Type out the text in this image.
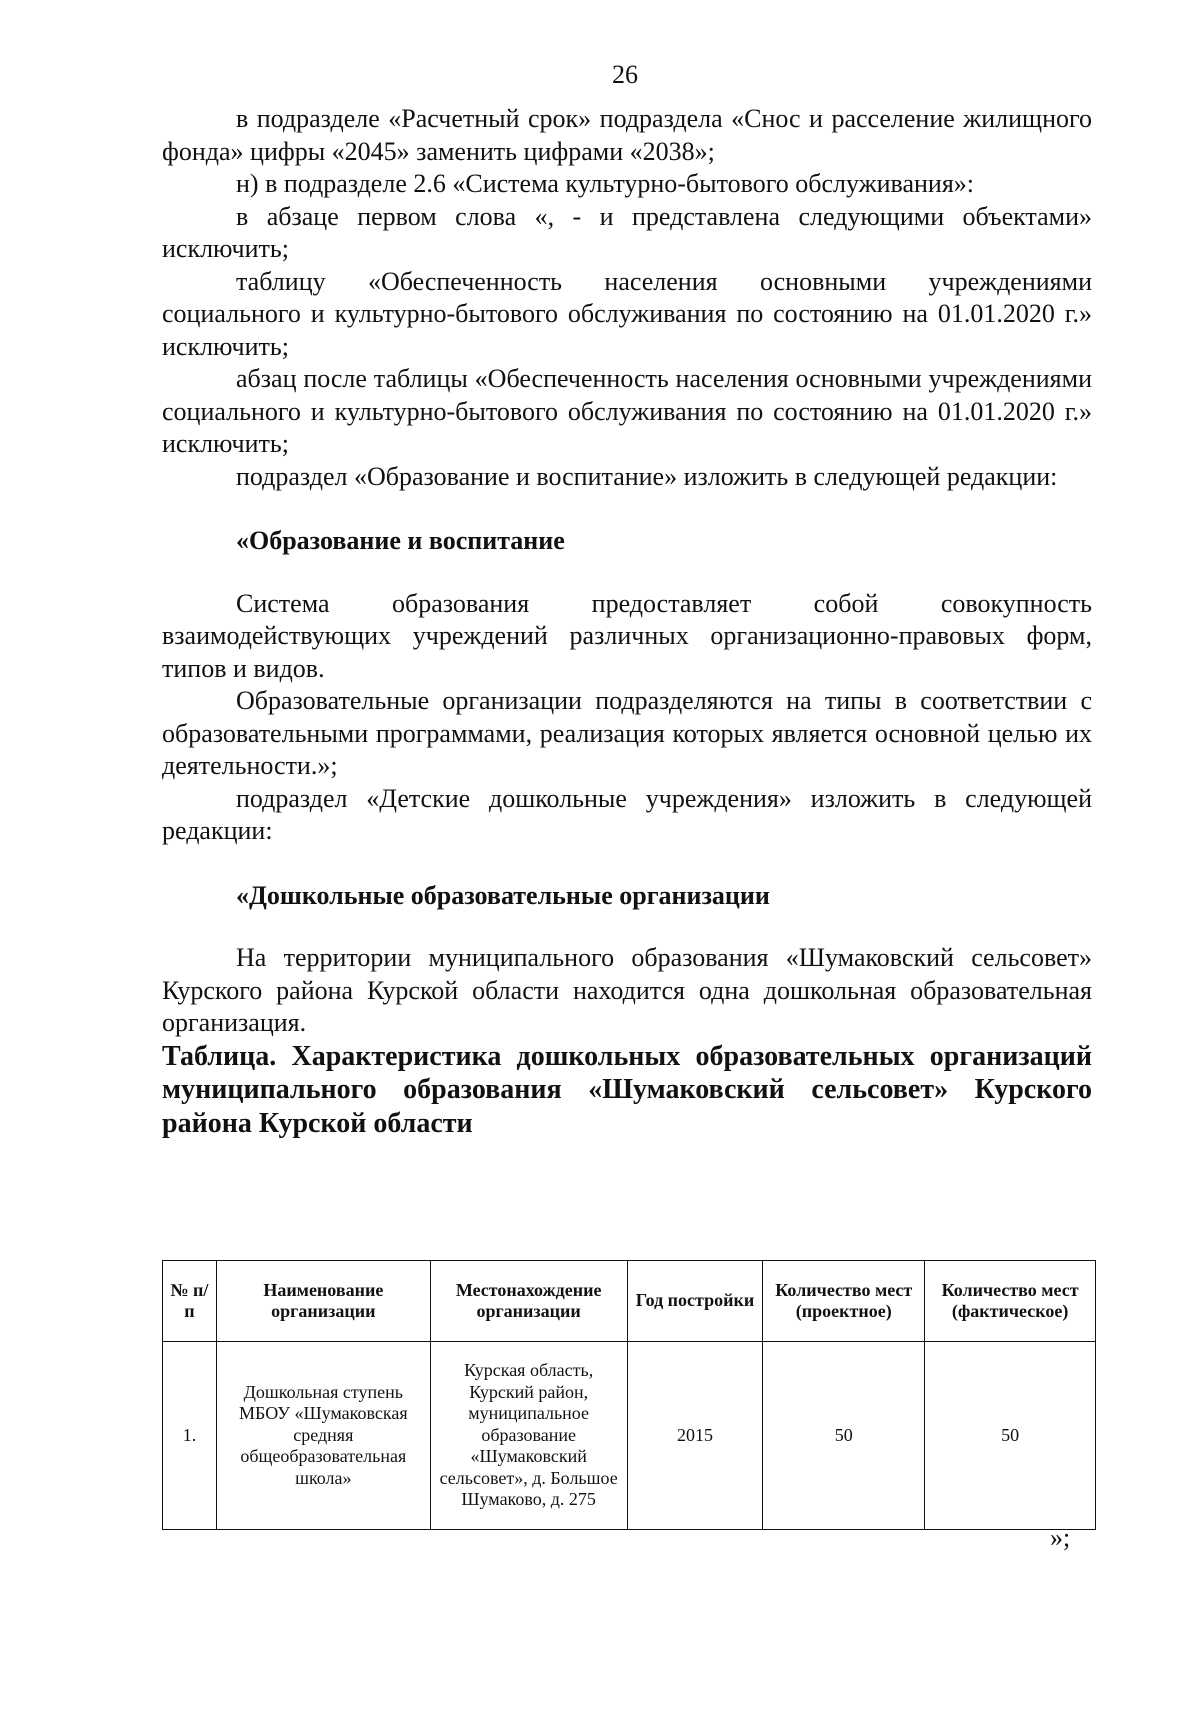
26

в подразделе «Расчетный срок» подраздела «Снос и расселение жилищного фонда» цифры «2045» заменить цифрами «2038»;

н) в подразделе 2.6 «Система культурно-бытового обслуживания»:

в абзаце первом слова «, - и представлена следующими объектами» исключить;

таблицу «Обеспеченность населения основными учреждениями социального и культурно-бытового обслуживания по состоянию на 01.01.2020 г.» исключить;

абзац после таблицы «Обеспеченность населения основными учреждениями социального и культурно-бытового обслуживания по состоянию на 01.01.2020 г.» исключить;

подраздел «Образование и воспитание» изложить в следующей редакции:

«Образование и воспитание

Система образования предоставляет собой совокупность взаимодействующих учреждений различных организационно-правовых форм, типов и видов.

Образовательные организации подразделяются на типы в соответствии с образовательными программами, реализация которых является основной целью их деятельности.»;

подраздел «Детские дошкольные учреждения» изложить в следующей редакции:

«Дошкольные образовательные организации

На территории муниципального образования «Шумаковский сельсовет» Курского района Курской области находится одна дошкольная образовательная организация.

Таблица. Характеристика дошкольных образовательных организаций муниципального образования «Шумаковский сельсовет» Курского района Курской области

№ п/п	Наименование организации	Местонахождение организации	Год постройки	Количество мест (проектное)	Количество мест (фактическое)
1.	Дошкольная ступень МБОУ «Шумаковская средняя общеобразовательная школа»	Курская область, Курский район, муниципальное образование «Шумаковский сельсовет», д. Большое Шумаково, д. 275	2015	50	50
»;
